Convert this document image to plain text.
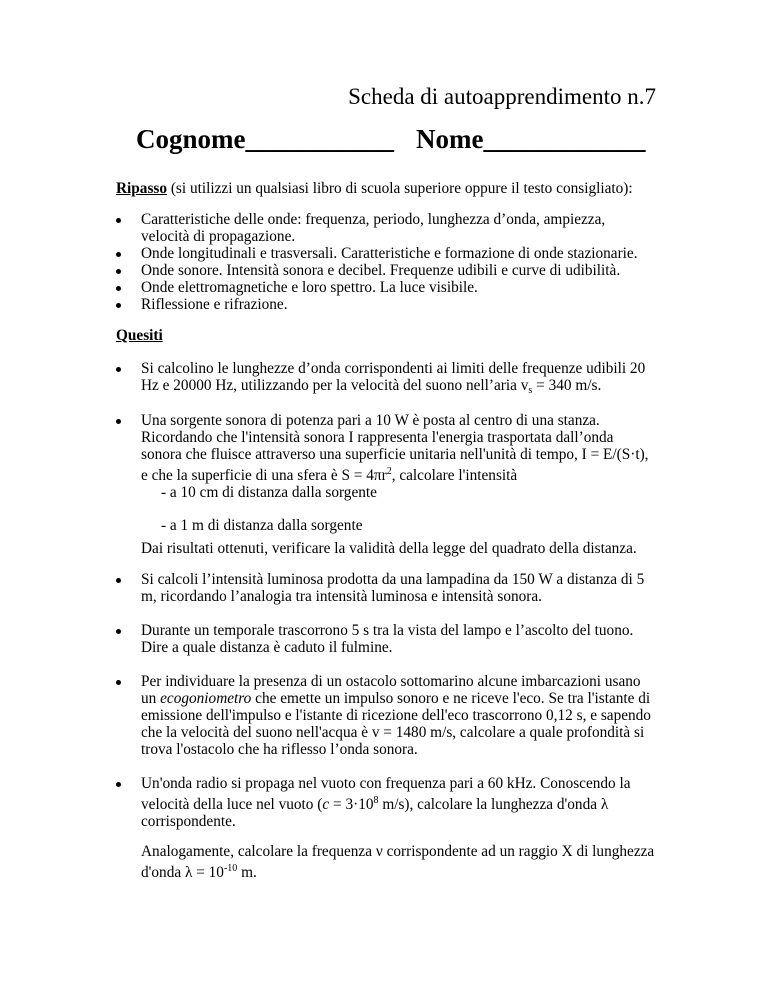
Scheda di autoapprendimento n.7
Cognome___________ Nome____________
Ripasso (si utilizzi un qualsiasi libro di scuola superiore oppure il testo consigliato):
Caratteristiche delle onde: frequenza, periodo, lunghezza d’onda, ampiezza, velocità di propagazione.
Onde longitudinali e trasversali. Caratteristiche e formazione di onde stazionarie.
Onde sonore. Intensità sonora e decibel. Frequenze udibili e curve di udibilità.
Onde elettromagnetiche e loro spettro. La luce visibile.
Riflessione e rifrazione.
Quesiti
Si calcolino le lunghezze d’onda corrispondenti ai limiti delle frequenze udibili 20 Hz e 20000 Hz, utilizzando per la velocità del suono nell’aria vs = 340 m/s.
Una sorgente sonora di potenza pari a 10 W è posta al centro di una stanza. Ricordando che l'intensità sonora I rappresenta l'energia trasportata dall’onda sonora che fluisce attraverso una superficie unitaria nell'unità di tempo, I = E/(S·t), e che la superficie di una sfera è $S = 4\pi r^2$, calcolare l'intensità
- a 10 cm di distanza dalla sorgente
- a 1 m di distanza dalla sorgente
Dai risultati ottenuti, verificare la validità della legge del quadrato della distanza.
Si calcoli l’intensità luminosa prodotta da una lampadina da 150 W a distanza di 5 m, ricordando l’analogia tra intensità luminosa e intensità sonora.
Durante un temporale trascorrono 5 s tra la vista del lampo e l’ascolto del tuono. Dire a quale distanza è caduto il fulmine.
Per individuare la presenza di un ostacolo sottomarino alcune imbarcazioni usano un ecogoniometro che emette un impulso sonoro e ne riceve l'eco. Se tra l'istante di emissione dell'impulso e l'istante di ricezione dell'eco trascorrono 0,12 s, e sapendo che la velocità del suono nell'acqua è v = 1480 m/s, calcolare a quale profondità si trova l'ostacolo che ha riflesso l’onda sonora.
Un'onda radio si propaga nel vuoto con frequenza pari a 60 kHz. Conoscendo la velocità della luce nel vuoto ($c = 3\cdot 10^8$ m/s), calcolare la lunghezza d'onda λ corrispondente.
Analogamente, calcolare la frequenza ν corrispondente ad un raggio X di lunghezza d'onda $\lambda = 10^{-10}$ m.
